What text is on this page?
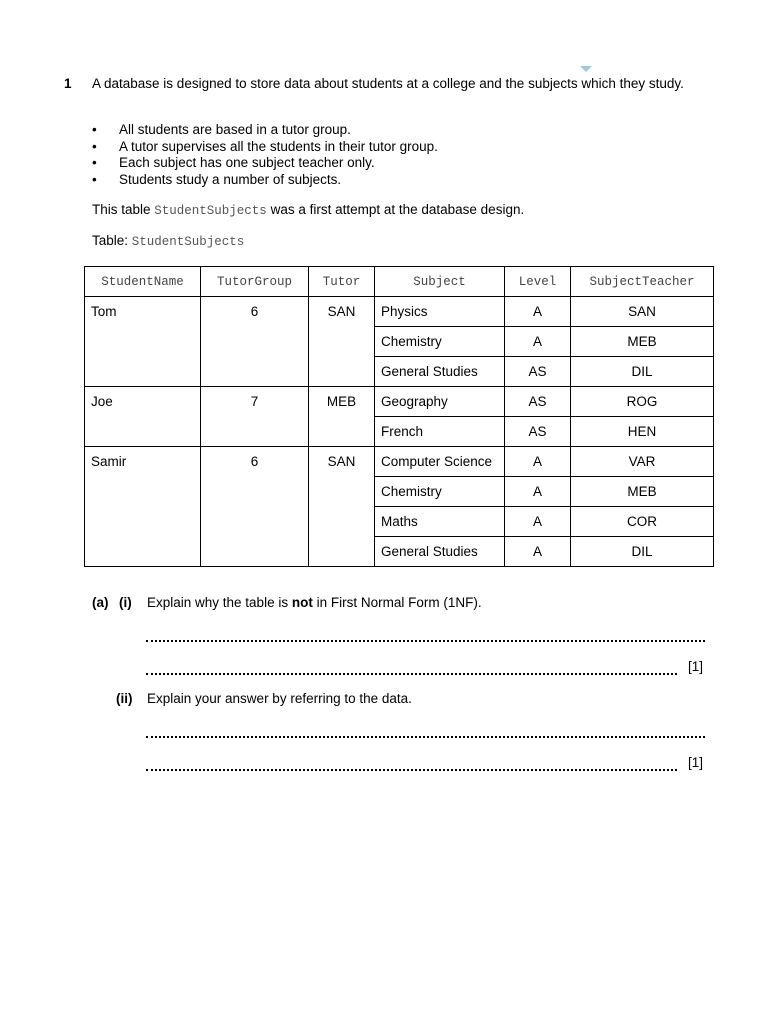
1 A database is designed to store data about students at a college and the subjects which they study.
• All students are based in a tutor group.
• A tutor supervises all the students in their tutor group.
• Each subject has one subject teacher only.
• Students study a number of subjects.
This table StudentSubjects was a first attempt at the database design.
Table: StudentSubjects
StudentName	TutorGroup	Tutor	Subject	Level	SubjectTeacher
Tom	6	SAN	Physics	A	SAN
			Chemistry	A	MEB
			General Studies	AS	DIL
Joe	7	MEB	Geography	AS	ROG
			French	AS	HEN
Samir	6	SAN	Computer Science	A	VAR
			Chemistry	A	MEB
			Maths	A	COR
			General Studies	A	DIL
(a) (i) Explain why the table is not in First Normal Form (1NF).
[1]
(ii) Explain your answer by referring to the data.
[1]
